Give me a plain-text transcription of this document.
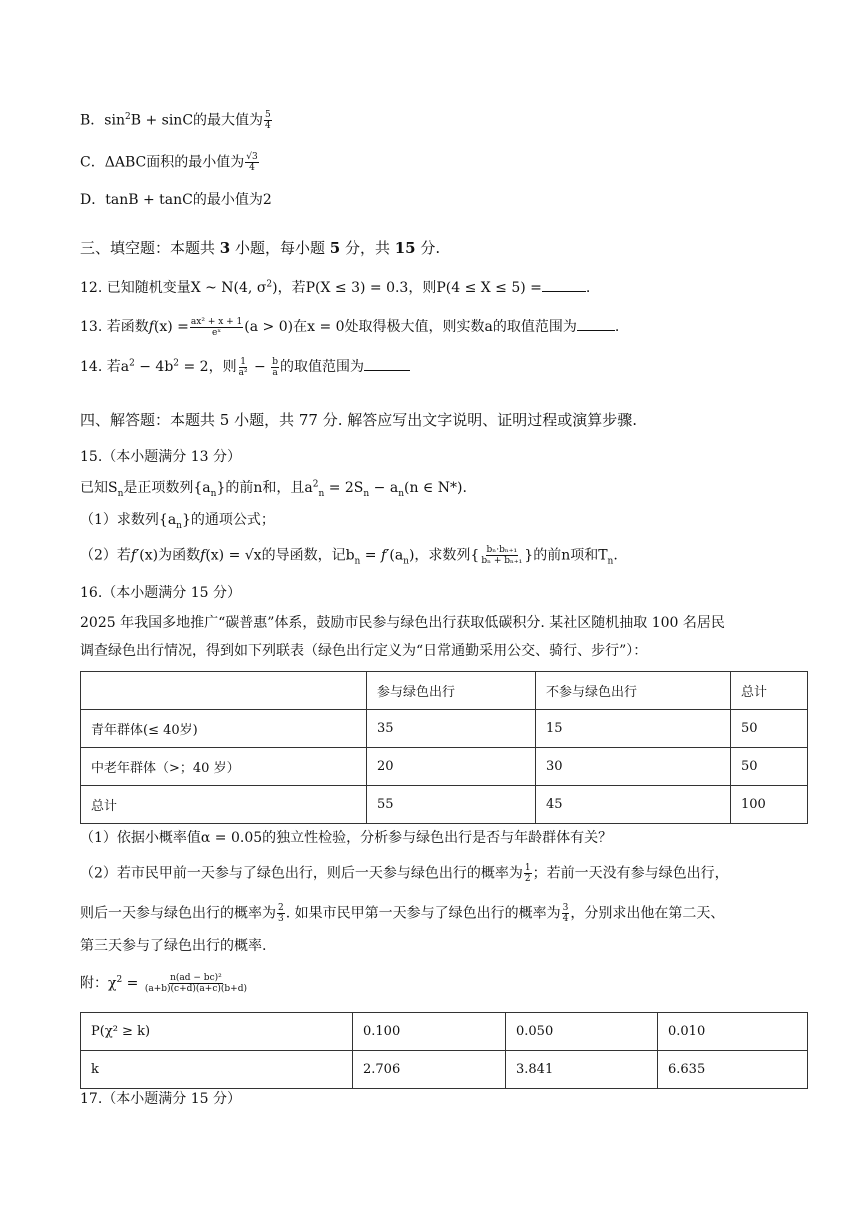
B．$\sin^2B + \sin C$的最大值为 $\frac{5}{4}$
C．ΔABC面积的最小值为 $\frac{√3}{4}$
D．tanB + tanC的最小值为2
三、填空题：本题共 3 小题，每小题 5 分，共 15 分.
12. 已知随机变量X ~ N(4, $\sigma^2$)，若P(X ≤ 3) = 0.3，则P(4 ≤ X ≤ 5) =	.
13. 若函数$f(x) = \frac{\text{ax² + x + 1}}{\text{eˣ}} (a > 0)$在x = 0处取得极大值，则实数a的取值范围为	.
14. 若$a^2 - 4b^2 = 2$，则 $\frac{1}{\text{a²}} - \frac{b}{a}$ 的取值范围为
四、解答题：本题共 5 小题，共 77 分. 解答应写出文字说明、证明过程或演算步骤.
15.（本小题满分 13 分）
已知$S_n$是正项数列$\{a_n\}$的前n和，且$a^2_n = 2S_n - a_n(n$ ∈ N*).
（1）求数列$\{a_n\}$的通项公式；
（2）若f′(x)为函数f(x) = √x的导函数，记$b_n = f'(a_n)$，求数列{ $\frac{\text{bₙ·bₙ₊₁}}{\text{bₙ + bₙ₊₁}}$ }的前n项和$T_n$.
16.（本小题满分 15 分）
2025 年我国多地推广“碳普惠”体系，鼓励市民参与绿色出行获取低碳积分. 某社区随机抽取 100 名居民
调查绿色出行情况，得到如下列联表（绿色出行定义为“日常通勤采用公交、骑行、步行”）：
	参与绿色出行	不参与绿色出行	总计
青年群体(≤ 40岁)	35	15	50
中老年群体（>；40 岁）	20	30	50
总计	55	45	100
（1）依据小概率值α = 0.05的独立性检验，分析参与绿色出行是否与年龄群体有关？
（2）若市民甲前一天参与了绿色出行，则后一天参与绿色出行的概率为 $\frac{1}{2}$ ；若前一天没有参与绿色出行，
则后一天参与绿色出行的概率为 $\frac{2}{3}$ . 如果市民甲第一天参与了绿色出行的概率为 $\frac{3}{4}$ ，分别求出他在第二天、
第三天参与了绿色出行的概率.
附：$\chi^2 = \frac{\text{n(ad − bc)²}}{(a+b)(c+d)(a+c)(b+d)}$
P(χ² ≥ k)	0.100	0.050	0.010
k	2.706	3.841	6.635
17.（本小题满分 15 分）
